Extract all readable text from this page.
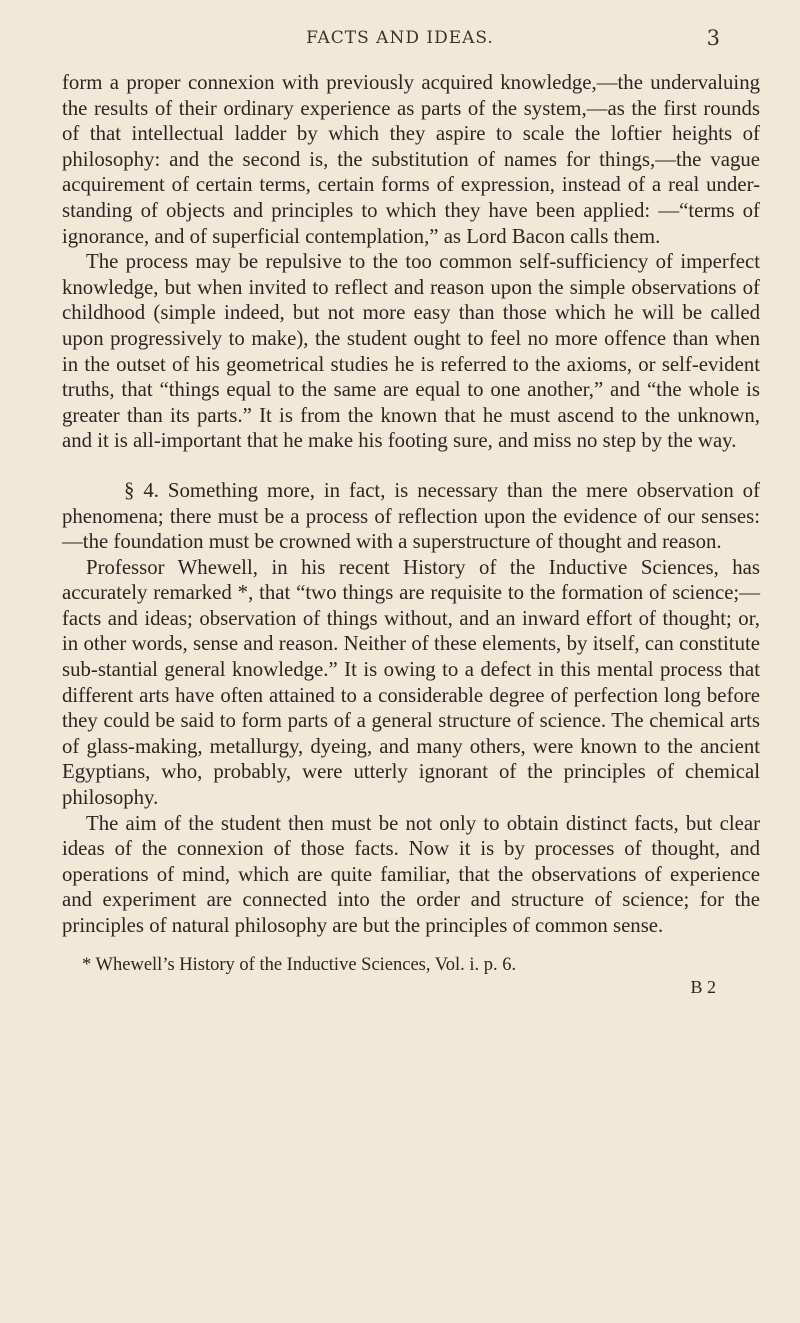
FACTS AND IDEAS.	3

form a proper connexion with previously acquired knowledge,—the undervaluing the results of their ordinary experience as parts of the system,—as the first rounds of that intellectual ladder by which they aspire to scale the loftier heights of philosophy: and the second is, the substitution of names for things,—the vague acquirement of certain terms, certain forms of expression, instead of a real under-standing of objects and principles to which they have been applied: —“terms of ignorance, and of superficial contemplation,” as Lord Bacon calls them.

The process may be repulsive to the too common self-sufficiency of imperfect knowledge, but when invited to reflect and reason upon the simple observations of childhood (simple indeed, but not more easy than those which he will be called upon progressively to make), the student ought to feel no more offence than when in the outset of his geometrical studies he is referred to the axioms, or self-evident truths, that “things equal to the same are equal to one another,” and “the whole is greater than its parts.” It is from the known that he must ascend to the unknown, and it is all-important that he make his footing sure, and miss no step by the way.

§ 4. Something more, in fact, is necessary than the mere observation of phenomena; there must be a process of reflection upon the evidence of our senses:—the foundation must be crowned with a superstructure of thought and reason.

Professor Whewell, in his recent History of the Inductive Sciences, has accurately remarked *, that “two things are requisite to the formation of science;—facts and ideas; observation of things without, and an inward effort of thought; or, in other words, sense and reason. Neither of these elements, by itself, can constitute sub-stantial general knowledge.” It is owing to a defect in this mental process that different arts have often attained to a considerable degree of perfection long before they could be said to form parts of a general structure of science. The chemical arts of glass-making, metallurgy, dyeing, and many others, were known to the ancient Egyptians, who, probably, were utterly ignorant of the principles of chemical philosophy.

The aim of the student then must be not only to obtain distinct facts, but clear ideas of the connexion of those facts. Now it is by processes of thought, and operations of mind, which are quite familiar, that the observations of experience and experiment are connected into the order and structure of science; for the principles of natural philosophy are but the principles of common sense.

* Whewell’s History of the Inductive Sciences, Vol. i. p. 6.

B 2
